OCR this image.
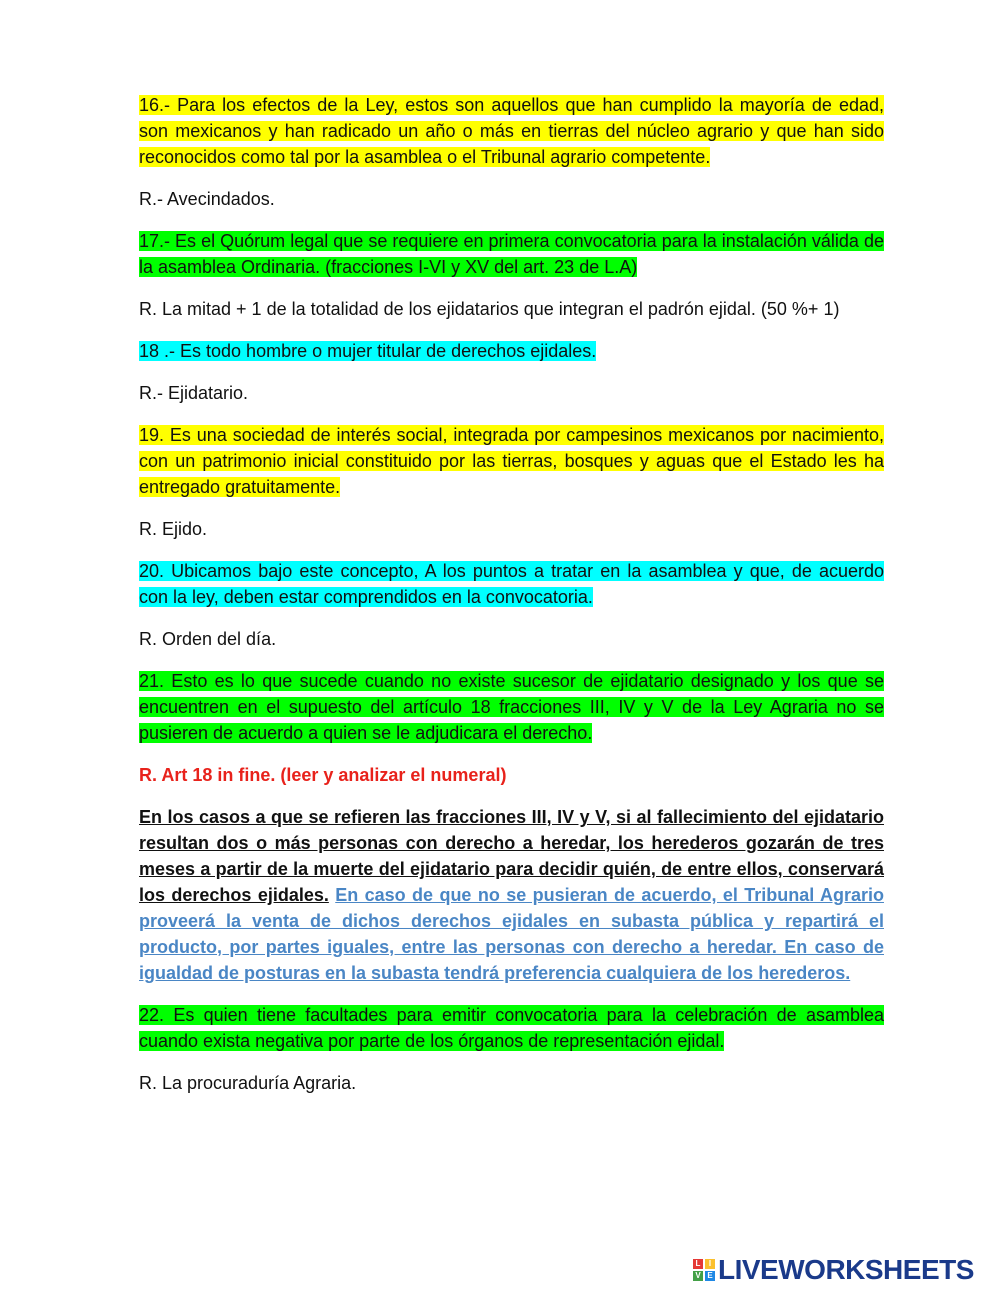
16.- Para los efectos de la Ley, estos son aquellos que han cumplido la mayoría de edad, son mexicanos y han radicado un año o más en tierras del núcleo agrario y que han sido reconocidos como tal por la asamblea o el Tribunal agrario competente.

R.- Avecindados.

17.- Es el Quórum legal que se requiere en primera convocatoria para la instalación válida de la asamblea Ordinaria. (fracciones I-VI y XV del art. 23 de L.A)

R. La mitad + 1 de la totalidad de los ejidatarios que integran el padrón ejidal. (50 %+ 1)

18 .- Es todo hombre o mujer titular de derechos ejidales.

R.- Ejidatario.

19. Es una sociedad de interés social, integrada por campesinos mexicanos por nacimiento, con un patrimonio inicial constituido por las tierras, bosques y aguas que el Estado les ha entregado gratuitamente.

R. Ejido.

20. Ubicamos bajo este concepto, A los puntos a tratar en la asamblea y que, de acuerdo con la ley, deben estar comprendidos en la convocatoria.

R. Orden del día.

21. Esto es lo que sucede cuando no existe sucesor de ejidatario designado y los que se encuentren en el supuesto del artículo 18 fracciones III, IV y V de la Ley Agraria no se pusieren de acuerdo a quien se le adjudicara el derecho.

R. Art 18 in fine. (leer y analizar el numeral)

En los casos a que se refieren las fracciones III, IV y V, si al fallecimiento del ejidatario resultan dos o más personas con derecho a heredar, los herederos gozarán de tres meses a partir de la muerte del ejidatario para decidir quién, de entre ellos, conservará los derechos ejidales. En caso de que no se pusieran de acuerdo, el Tribunal Agrario proveerá la venta de dichos derechos ejidales en subasta pública y repartirá el producto, por partes iguales, entre las personas con derecho a heredar. En caso de igualdad de posturas en la subasta tendrá preferencia cualquiera de los herederos.

22. Es quien tiene facultades para emitir convocatoria para la celebración de asamblea cuando exista negativa por parte de los órganos de representación ejidal.

R. La procuraduría Agraria.

L	I
V E LIVEWORKSHEETS
